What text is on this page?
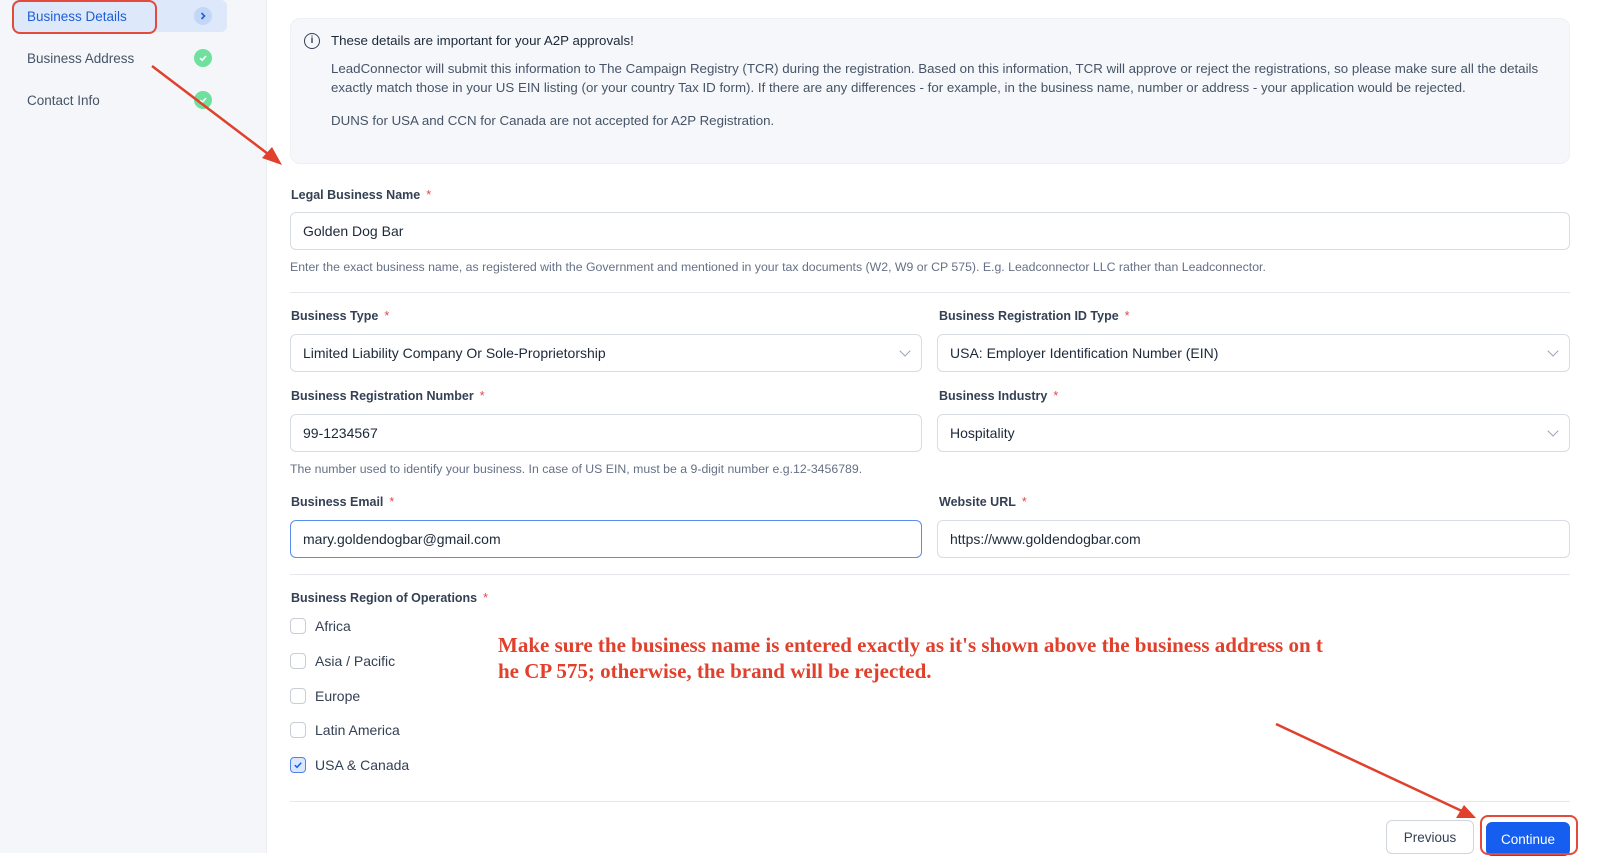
Business Details
Business Address
Contact Info
i	These details are important for your A2P approvals!
LeadConnector will submit this information to The Campaign Registry (TCR) during the registration. Based on this information, TCR will approve or reject the registrations, so please make sure all the details exactly match those in your US EIN listing (or your country Tax ID form). If there are any differences - for example, in the business name, number or address - your application would be rejected.
DUNS for USA and CCN for Canada are not accepted for A2P Registration.
Legal Business Name *
Golden Dog Bar
Enter the exact business name, as registered with the Government and mentioned in your tax documents (W2, W9 or CP 575). E.g. Leadconnector LLC rather than Leadconnector.
Business Type *
Limited Liability Company Or Sole-Proprietorship
Business Registration ID Type *
USA: Employer Identification Number (EIN)
Business Registration Number *
99-1234567
Business Industry *
Hospitality
The number used to identify your business. In case of US EIN, must be a 9-digit number e.g.12-3456789.
Business Email *
mary.goldendogbar@gmail.com
Website URL *
https://www.goldendogbar.com
Business Region of Operations *
Africa
Asia / Pacific
Europe
Latin America
USA & Canada
Make sure the business name is entered exactly as it's shown above the business address on t
he CP 575; otherwise, the brand will be rejected.
Previous	Continue
